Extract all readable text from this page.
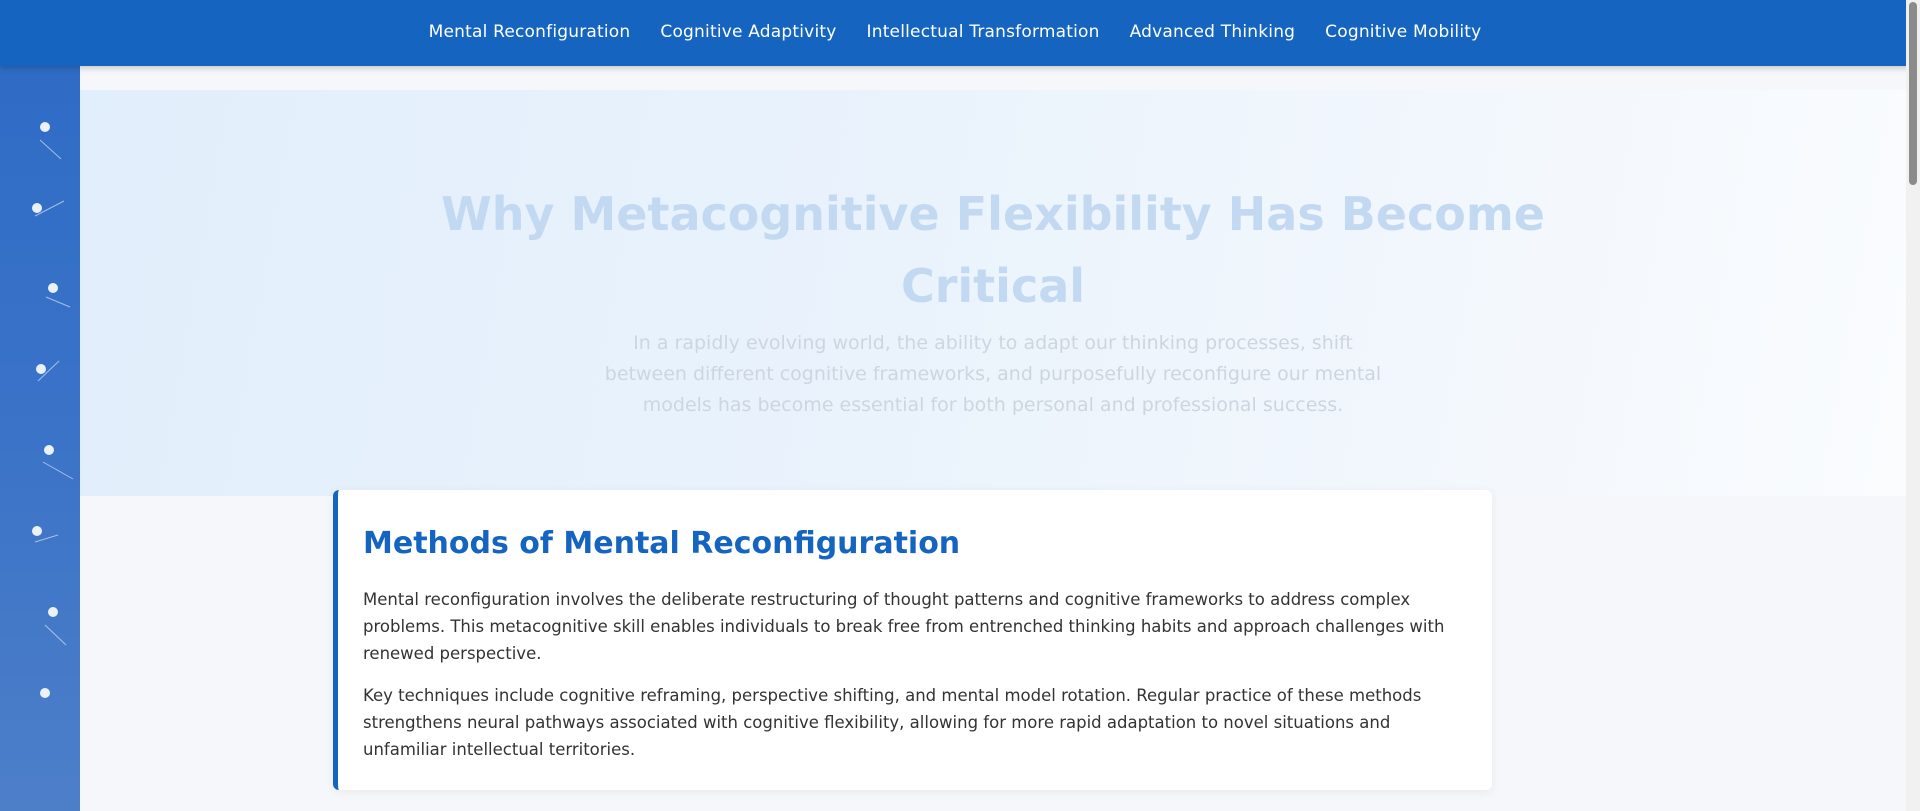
Mental Reconfiguration Cognitive Adaptivity Intellectual Transformation Advanced Thinking Cognitive Mobility
Why Metacognitive Flexibility Has Become Critical

In a rapidly evolving world, the ability to adapt our thinking processes, shift between different cognitive frameworks, and purposefully reconfigure our mental models has become essential for both personal and professional success.

Methods of Mental Reconfiguration

Mental reconfiguration involves the deliberate restructuring of thought patterns and cognitive frameworks to address complex problems. This metacognitive skill enables individuals to break free from entrenched thinking habits and approach challenges with renewed perspective.

Key techniques include cognitive reframing, perspective shifting, and mental model rotation. Regular practice of these methods strengthens neural pathways associated with cognitive flexibility, allowing for more rapid adaptation to novel situations and unfamiliar intellectual territories.
